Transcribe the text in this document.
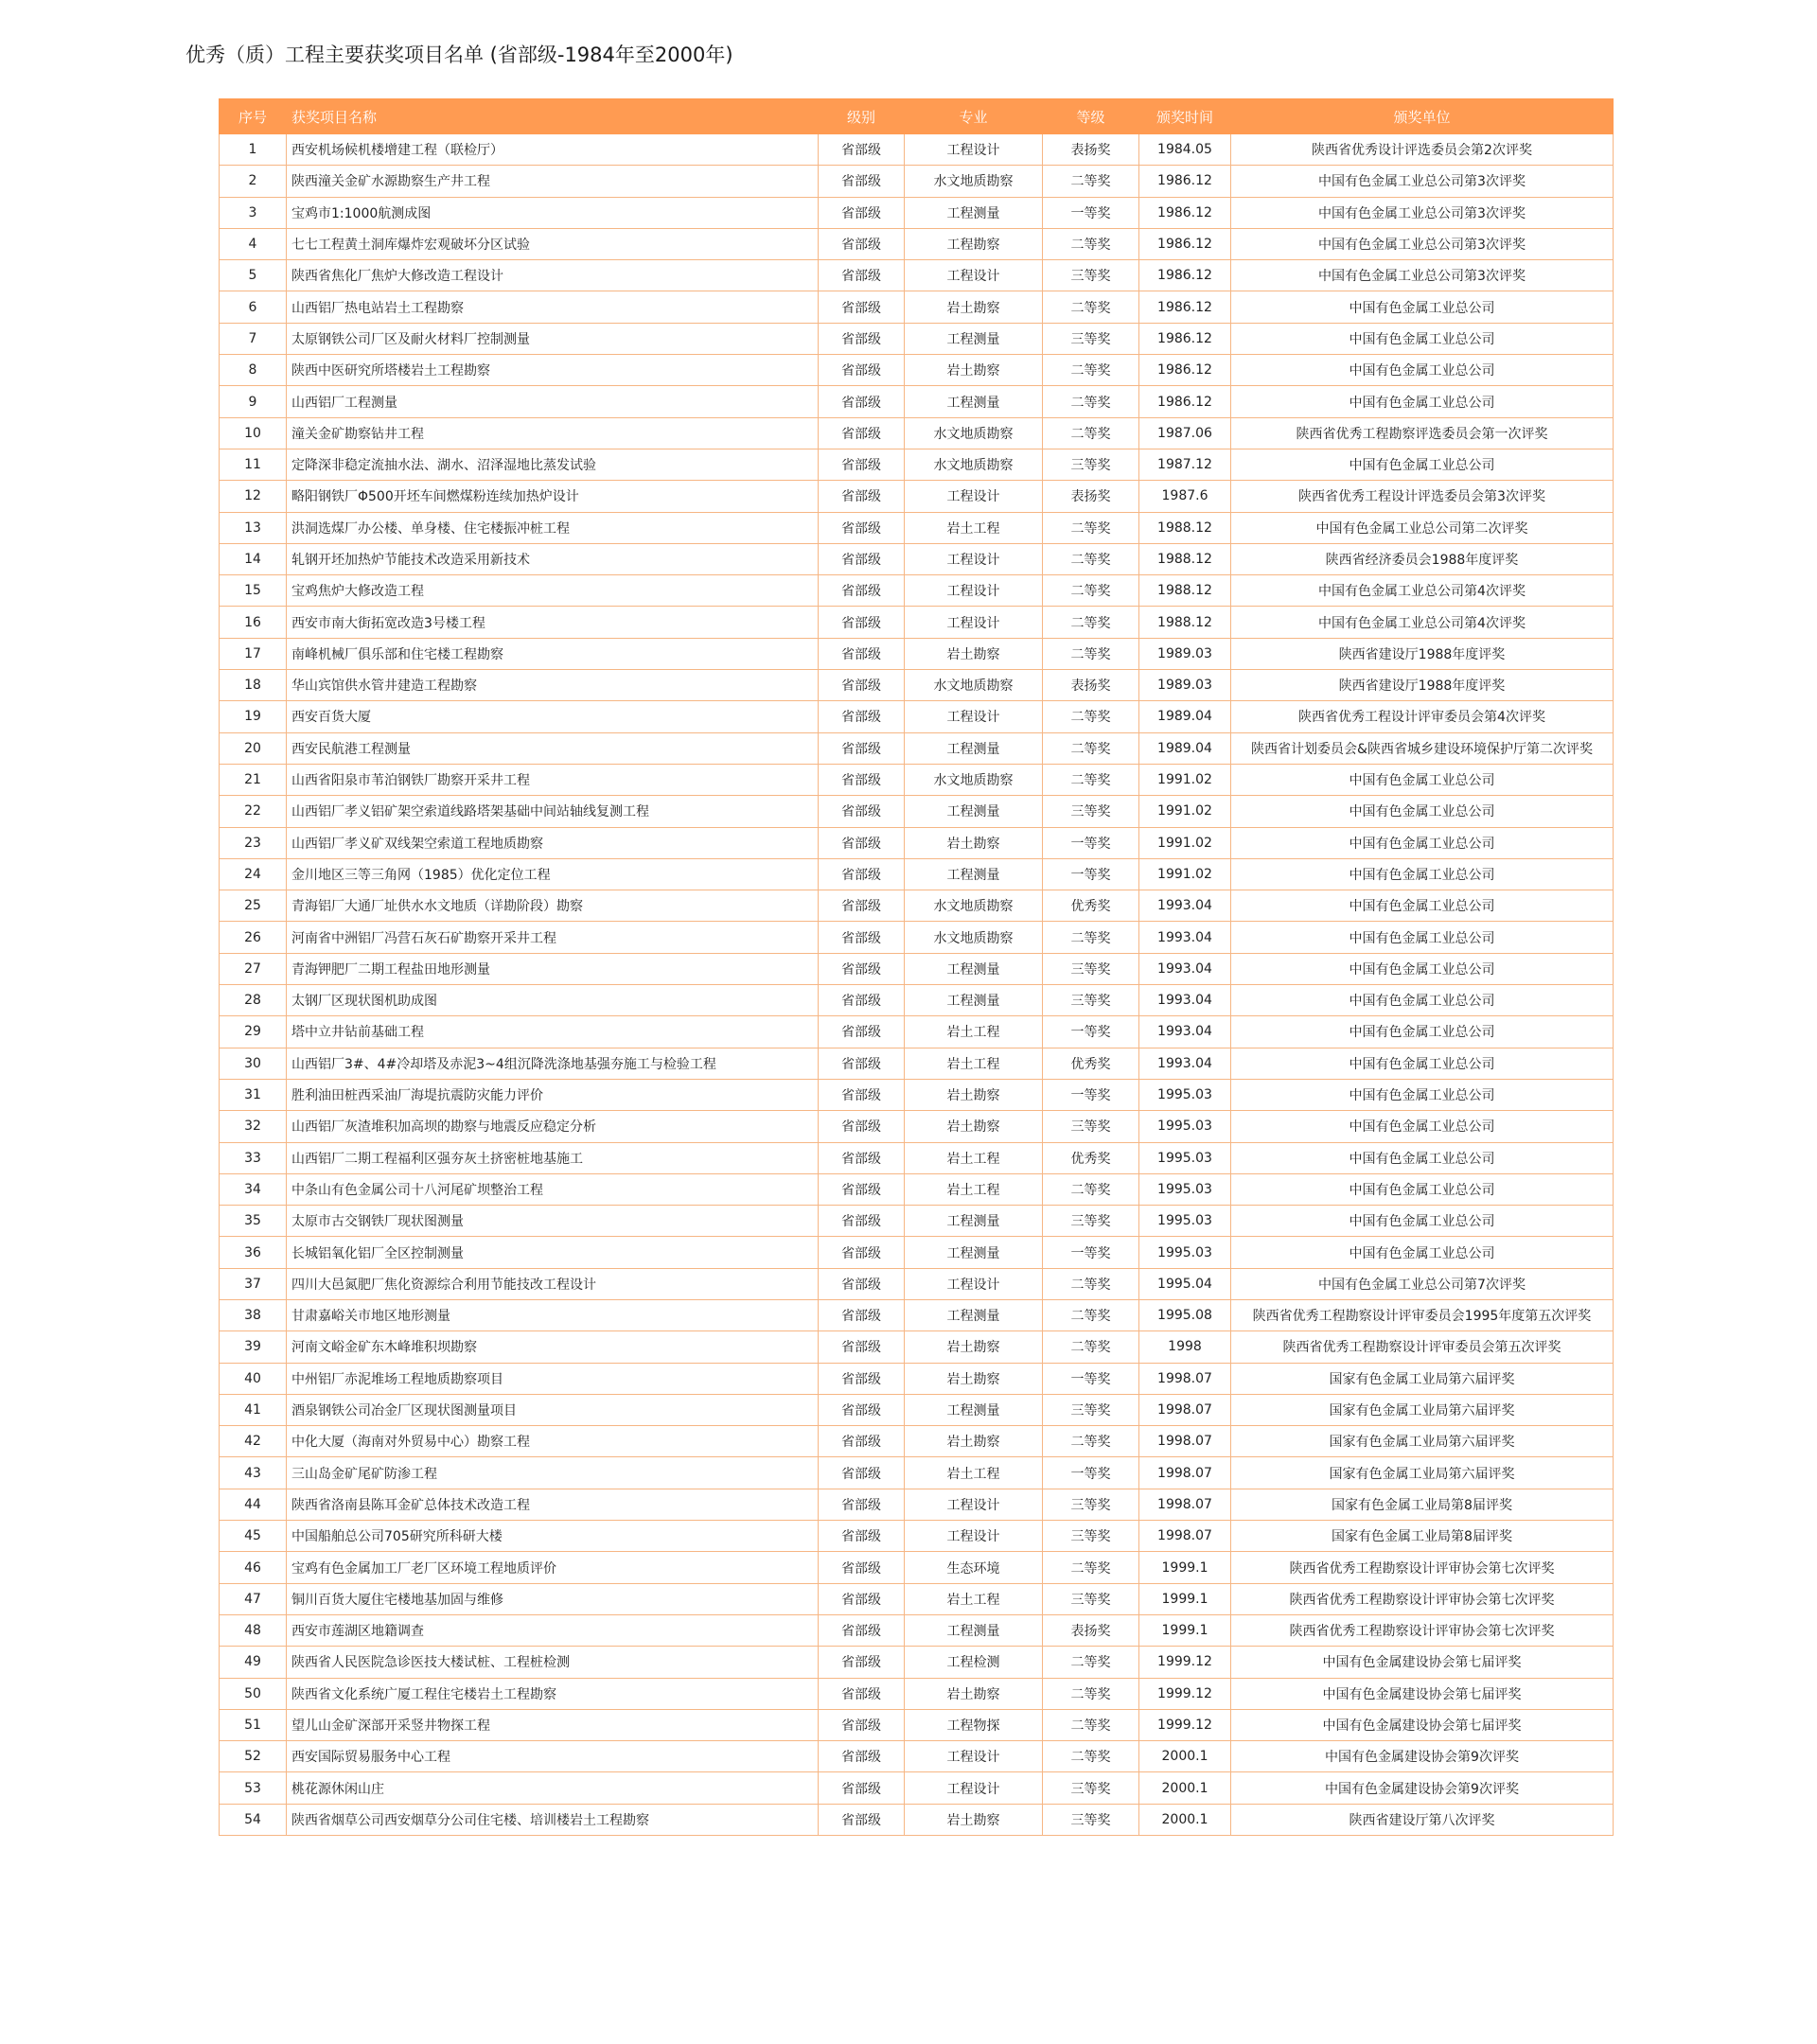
优秀（质）工程主要获奖项目名单 (省部级-1984年至2000年)
序号	获奖项目名称	级别	专业	等级	颁奖时间	颁奖单位
1	西安机场候机楼增建工程（联检厅）	省部级	工程设计	表扬奖	1984.05	陕西省优秀设计评选委员会第2次评奖
2	陕西潼关金矿水源勘察生产井工程	省部级	水文地质勘察	二等奖	1986.12	中国有色金属工业总公司第3次评奖
3	宝鸡市1:1000航测成图	省部级	工程测量	一等奖	1986.12	中国有色金属工业总公司第3次评奖
4	七七工程黄土洞库爆炸宏观破坏分区试验	省部级	工程勘察	二等奖	1986.12	中国有色金属工业总公司第3次评奖
5	陕西省焦化厂焦炉大修改造工程设计	省部级	工程设计	三等奖	1986.12	中国有色金属工业总公司第3次评奖
6	山西铝厂热电站岩土工程勘察	省部级	岩土勘察	二等奖	1986.12	中国有色金属工业总公司
7	太原钢铁公司厂区及耐火材料厂控制测量	省部级	工程测量	三等奖	1986.12	中国有色金属工业总公司
8	陕西中医研究所塔楼岩土工程勘察	省部级	岩土勘察	二等奖	1986.12	中国有色金属工业总公司
9	山西铝厂工程测量	省部级	工程测量	二等奖	1986.12	中国有色金属工业总公司
10	潼关金矿勘察钻井工程	省部级	水文地质勘察	二等奖	1987.06	陕西省优秀工程勘察评选委员会第一次评奖
11	定降深非稳定流抽水法、湖水、沼泽湿地比蒸发试验	省部级	水文地质勘察	三等奖	1987.12	中国有色金属工业总公司
12	略阳钢铁厂Φ500开坯车间燃煤粉连续加热炉设计	省部级	工程设计	表扬奖	1987.6	陕西省优秀工程设计评选委员会第3次评奖
13	洪洞选煤厂办公楼、单身楼、住宅楼振冲桩工程	省部级	岩土工程	二等奖	1988.12	中国有色金属工业总公司第二次评奖
14	轧钢开坯加热炉节能技术改造采用新技术	省部级	工程设计	二等奖	1988.12	陕西省经济委员会1988年度评奖
15	宝鸡焦炉大修改造工程	省部级	工程设计	二等奖	1988.12	中国有色金属工业总公司第4次评奖
16	西安市南大街拓宽改造3号楼工程	省部级	工程设计	二等奖	1988.12	中国有色金属工业总公司第4次评奖
17	南峰机械厂俱乐部和住宅楼工程勘察	省部级	岩土勘察	二等奖	1989.03	陕西省建设厅1988年度评奖
18	华山宾馆供水管井建造工程勘察	省部级	水文地质勘察	表扬奖	1989.03	陕西省建设厅1988年度评奖
19	西安百货大厦	省部级	工程设计	二等奖	1989.04	陕西省优秀工程设计评审委员会第4次评奖
20	西安民航港工程测量	省部级	工程测量	二等奖	1989.04	陕西省计划委员会&陕西省城乡建设环境保护厅第二次评奖
21	山西省阳泉市苇泊钢铁厂勘察开采井工程	省部级	水文地质勘察	二等奖	1991.02	中国有色金属工业总公司
22	山西铝厂孝义铝矿架空索道线路塔架基础中间站轴线复测工程	省部级	工程测量	三等奖	1991.02	中国有色金属工业总公司
23	山西铝厂孝义矿双线架空索道工程地质勘察	省部级	岩土勘察	一等奖	1991.02	中国有色金属工业总公司
24	金川地区三等三角网（1985）优化定位工程	省部级	工程测量	一等奖	1991.02	中国有色金属工业总公司
25	青海铝厂大通厂址供水水文地质（详勘阶段）勘察	省部级	水文地质勘察	优秀奖	1993.04	中国有色金属工业总公司
26	河南省中洲铝厂冯营石灰石矿勘察开采井工程	省部级	水文地质勘察	二等奖	1993.04	中国有色金属工业总公司
27	青海钾肥厂二期工程盐田地形测量	省部级	工程测量	三等奖	1993.04	中国有色金属工业总公司
28	太钢厂区现状图机助成图	省部级	工程测量	三等奖	1993.04	中国有色金属工业总公司
29	塔中立井钻前基础工程	省部级	岩土工程	一等奖	1993.04	中国有色金属工业总公司
30	山西铝厂3#、4#冷却塔及赤泥3~4组沉降洗涤地基强夯施工与检验工程	省部级	岩土工程	优秀奖	1993.04	中国有色金属工业总公司
31	胜利油田桩西采油厂海堤抗震防灾能力评价	省部级	岩土勘察	一等奖	1995.03	中国有色金属工业总公司
32	山西铝厂灰渣堆积加高坝的勘察与地震反应稳定分析	省部级	岩土勘察	三等奖	1995.03	中国有色金属工业总公司
33	山西铝厂二期工程福利区强夯灰土挤密桩地基施工	省部级	岩土工程	优秀奖	1995.03	中国有色金属工业总公司
34	中条山有色金属公司十八河尾矿坝整治工程	省部级	岩土工程	二等奖	1995.03	中国有色金属工业总公司
35	太原市古交钢铁厂现状图测量	省部级	工程测量	三等奖	1995.03	中国有色金属工业总公司
36	长城铝氧化铝厂全区控制测量	省部级	工程测量	一等奖	1995.03	中国有色金属工业总公司
37	四川大邑氮肥厂焦化资源综合利用节能技改工程设计	省部级	工程设计	二等奖	1995.04	中国有色金属工业总公司第7次评奖
38	甘肃嘉峪关市地区地形测量	省部级	工程测量	二等奖	1995.08	陕西省优秀工程勘察设计评审委员会1995年度第五次评奖
39	河南文峪金矿东木峰堆积坝勘察	省部级	岩土勘察	二等奖	1998	陕西省优秀工程勘察设计评审委员会第五次评奖
40	中州铝厂赤泥堆场工程地质勘察项目	省部级	岩土勘察	一等奖	1998.07	国家有色金属工业局第六届评奖
41	酒泉钢铁公司冶金厂区现状图测量项目	省部级	工程测量	三等奖	1998.07	国家有色金属工业局第六届评奖
42	中化大厦（海南对外贸易中心）勘察工程	省部级	岩土勘察	二等奖	1998.07	国家有色金属工业局第六届评奖
43	三山岛金矿尾矿防渗工程	省部级	岩土工程	一等奖	1998.07	国家有色金属工业局第六届评奖
44	陕西省洛南县陈耳金矿总体技术改造工程	省部级	工程设计	三等奖	1998.07	国家有色金属工业局第8届评奖
45	中国船舶总公司705研究所科研大楼	省部级	工程设计	三等奖	1998.07	国家有色金属工业局第8届评奖
46	宝鸡有色金属加工厂老厂区环境工程地质评价	省部级	生态环境	二等奖	1999.1	陕西省优秀工程勘察设计评审协会第七次评奖
47	铜川百货大厦住宅楼地基加固与维修	省部级	岩土工程	三等奖	1999.1	陕西省优秀工程勘察设计评审协会第七次评奖
48	西安市莲湖区地籍调查	省部级	工程测量	表扬奖	1999.1	陕西省优秀工程勘察设计评审协会第七次评奖
49	陕西省人民医院急诊医技大楼试桩、工程桩检测	省部级	工程检测	二等奖	1999.12	中国有色金属建设协会第七届评奖
50	陕西省文化系统广厦工程住宅楼岩土工程勘察	省部级	岩土勘察	二等奖	1999.12	中国有色金属建设协会第七届评奖
51	望儿山金矿深部开采竖井物探工程	省部级	工程物探	二等奖	1999.12	中国有色金属建设协会第七届评奖
52	西安国际贸易服务中心工程	省部级	工程设计	二等奖	2000.1	中国有色金属建设协会第9次评奖
53	桃花源休闲山庄	省部级	工程设计	三等奖	2000.1	中国有色金属建设协会第9次评奖
54	陕西省烟草公司西安烟草分公司住宅楼、培训楼岩土工程勘察	省部级	岩土勘察	三等奖	2000.1	陕西省建设厅第八次评奖
